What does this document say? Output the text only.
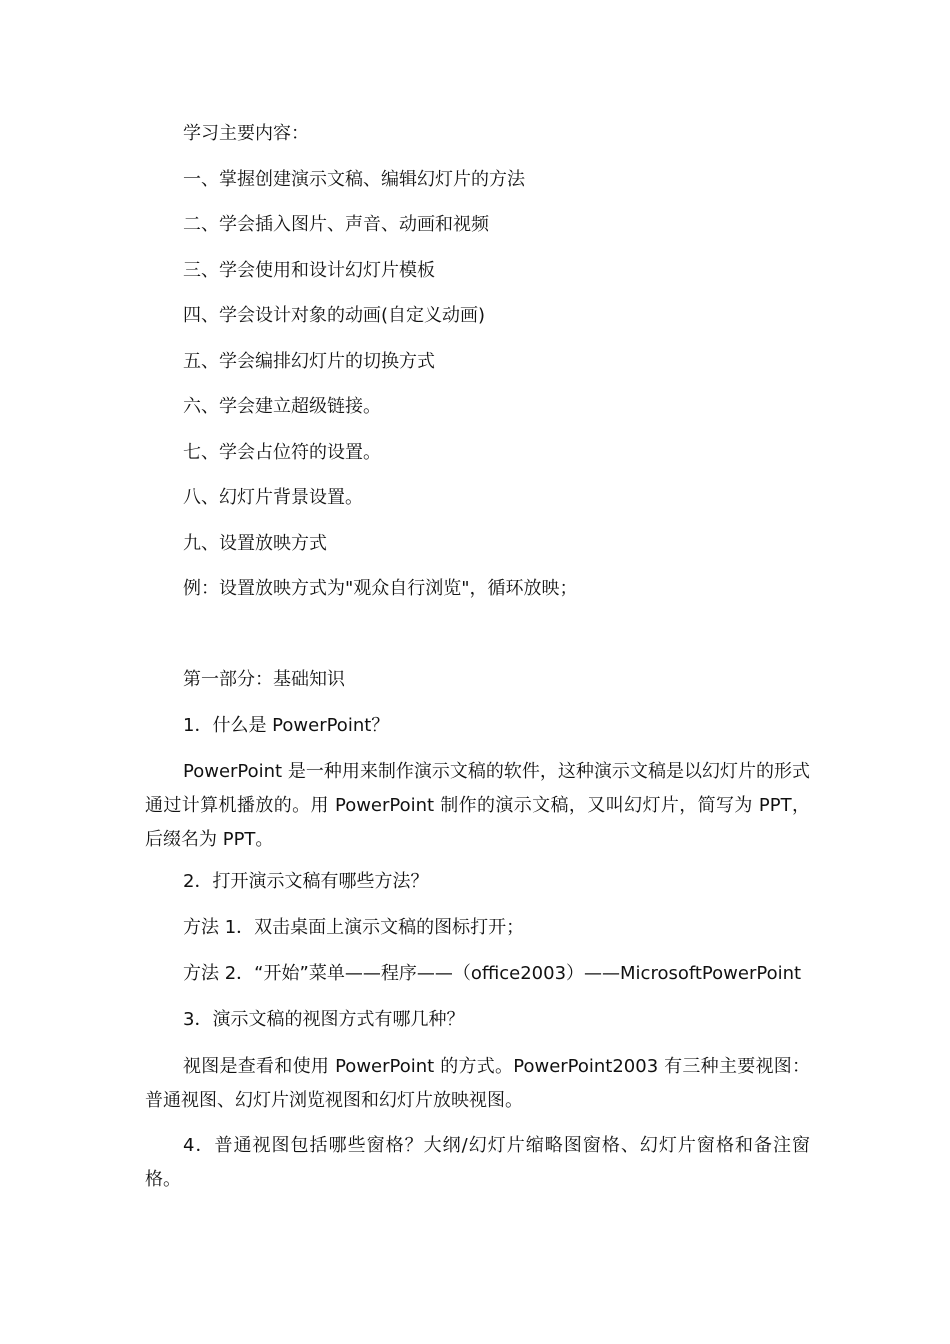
学习主要内容：
一、掌握创建演示文稿、编辑幻灯片的方法
二、学会插入图片、声音、动画和视频
三、学会使用和设计幻灯片模板
四、学会设计对象的动画(自定义动画)
五、学会编排幻灯片的切换方式
六、学会建立超级链接。
七、学会占位符的设置。
八、幻灯片背景设置。
九、设置放映方式
例：设置放映方式为"观众自行浏览"，循环放映；
第一部分：基础知识
1．什么是 PowerPoint？
PowerPoint 是一种用来制作演示文稿的软件，这种演示文稿是以幻灯片的形式通过计算机播放的。用 PowerPoint 制作的演示文稿，又叫幻灯片，简写为 PPT，后缀名为 PPT。
2．打开演示文稿有哪些方法？
方法 1．双击桌面上演示文稿的图标打开；
方法 2．“开始”菜单——程序——（office2003）——MicrosoftPowerPoint
3．演示文稿的视图方式有哪几种？
视图是查看和使用 PowerPoint 的方式。PowerPoint2003 有三种主要视图：普通视图、幻灯片浏览视图和幻灯片放映视图。
4．普通视图包括哪些窗格？大纲/幻灯片缩略图窗格、幻灯片窗格和备注窗格。
